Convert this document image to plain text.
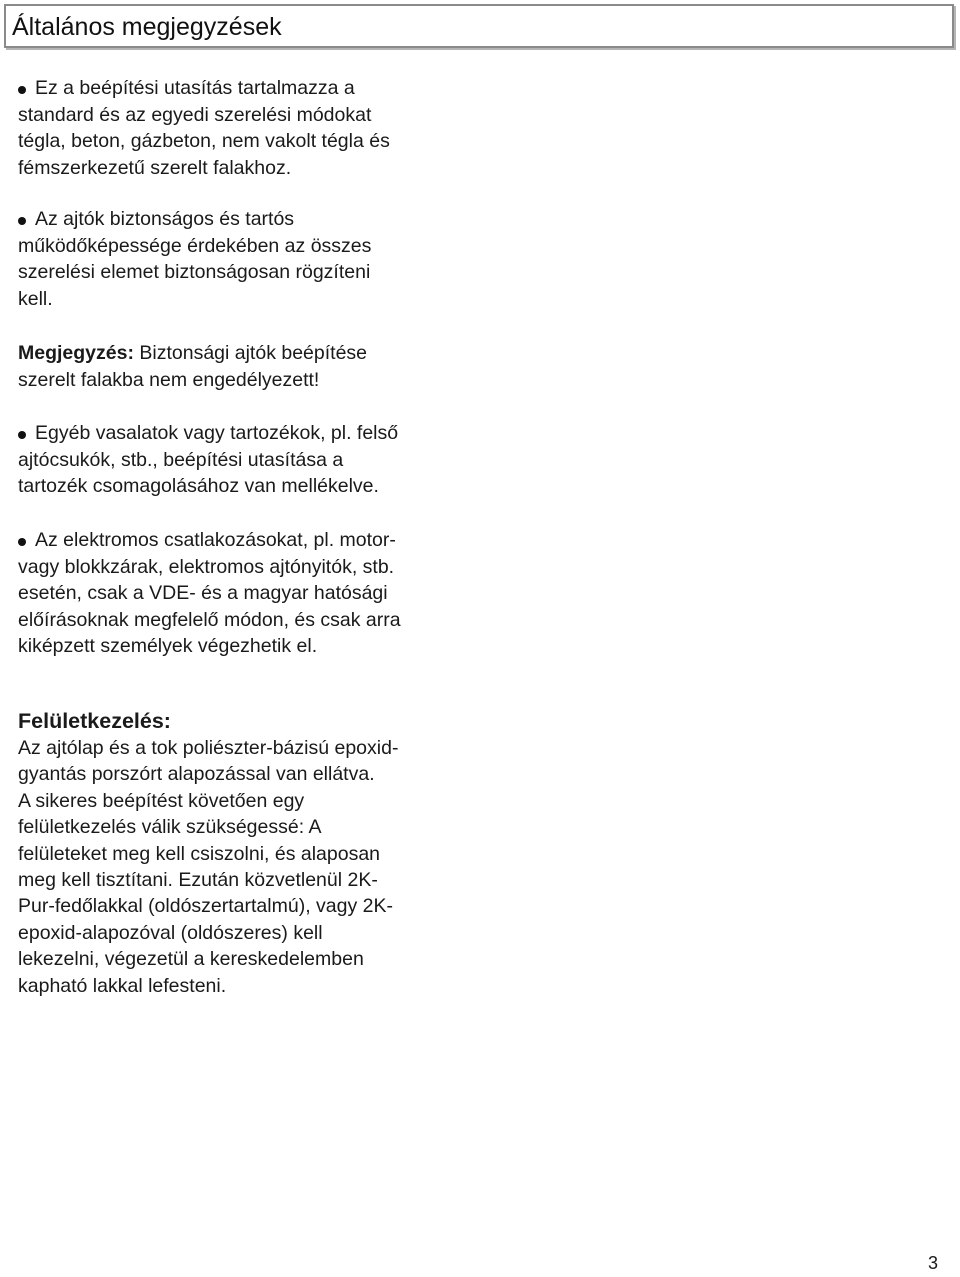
Általános megjegyzések
Ez a beépítési utasítás tartalmazza a
standard és az egyedi szerelési módokat
tégla, beton, gázbeton, nem vakolt tégla és
fémszerkezetű szerelt falakhoz.
Az ajtók biztonságos és tartós
működőképessége érdekében az összes
szerelési elemet biztonságosan rögzíteni
kell.
Megjegyzés: Biztonsági ajtók beépítése
szerelt falakba nem engedélyezett!
Egyéb vasalatok vagy tartozékok, pl. felső
ajtócsukók, stb., beépítési utasítása a
tartozék csomagolásához van mellékelve.
Az elektromos csatlakozásokat, pl. motor-
vagy blokkzárak, elektromos ajtónyitók, stb.
esetén, csak a VDE- és a magyar hatósági
előírásoknak megfelelő módon, és csak arra
kiképzett személyek végezhetik el.
Felületkezelés:
Az ajtólap és a tok poliészter-bázisú epoxid-
gyantás porszórt alapozással van ellátva.
A sikeres beépítést követően egy
felületkezelés válik szükségessé: A
felületeket meg kell csiszolni, és alaposan
meg kell tisztítani. Ezután közvetlenül 2K-
Pur-fedőlakkal (oldószertartalmú), vagy 2K-
epoxid-alapozóval (oldószeres) kell
lekezelni, végezetül a kereskedelemben
kapható lakkal lefesteni.
3
